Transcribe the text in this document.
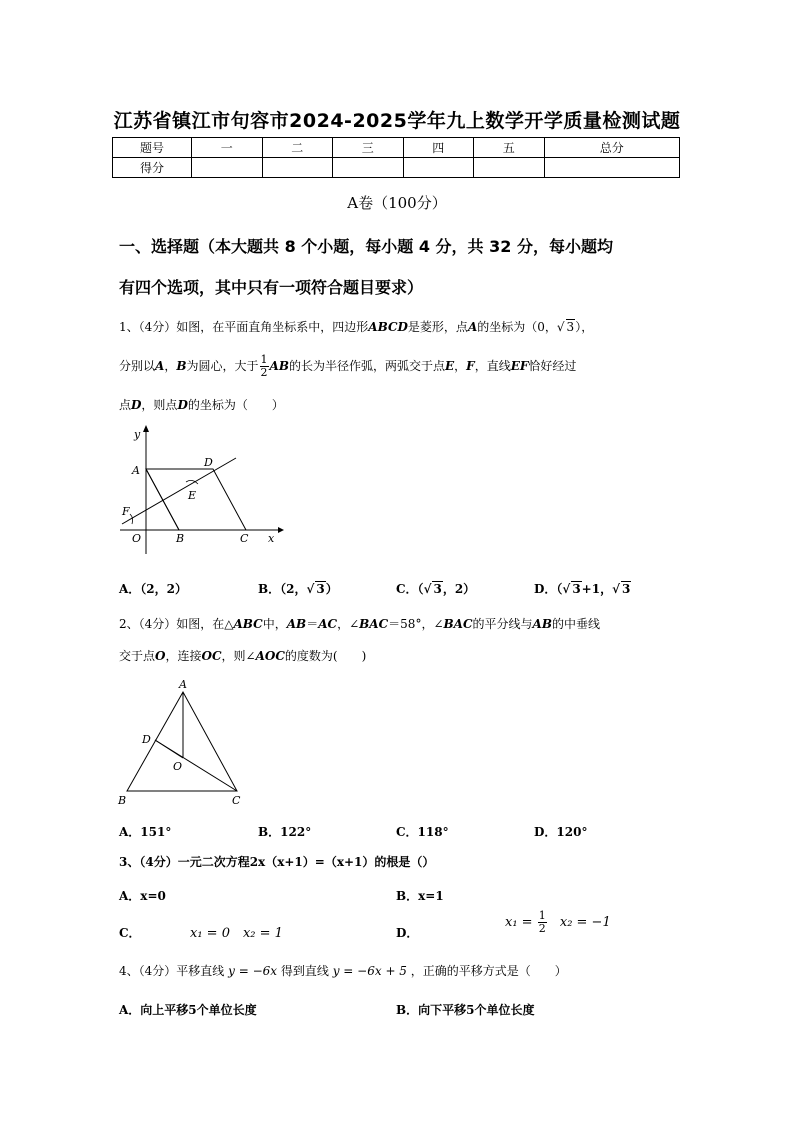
江苏省镇江市句容市2024-2025学年九上数学开学质量检测试题
题号	一	二	三	四	五	总分
得分						
A卷（100分）
一、选择题（本大题共 8 个小题，每小题 4 分，共 32 分，每小题均
有四个选项，其中只有一项符合题目要求）
1、（4分）如图，在平面直角坐标系中，四边形ABCD是菱形，点A的坐标为（0，√ 3），
分别以A，B为圆心，大于 $\frac{1}{2}$ AB的长为半径作弧，两弧交于点E，F，直线EF恰好经过
点D，则点D的坐标为（　　）
y
A
D
E
F
O	B	C x
A．（2，2）	B．（2，√ 3）	C．（√ 3，2）	D．（√ 3+1，√ 3
2、（4分）如图，在△ABC中，AB＝AC，∠BAC＝58°，∠BAC的平分线与AB的中垂线
交于点O，连接OC，则∠AOC的度数为(　　)
A
D
O
B	C
A．151°	B．122°	C．118°	D．120°
3、（4分）一元二次方程2x（x+1）=（x+1）的根是（）
A．x=0	B．x=1
C．	x₁ = 0　x₂ = 1	D．
$x_1 = \frac{1}{2} x_2 = -1$
4、（4分）平移直线 y = −6x 得到直线 y = −6x + 5 ，正确的平移方式是（　　）
A．向上平移5个单位长度	B．向下平移5个单位长度
